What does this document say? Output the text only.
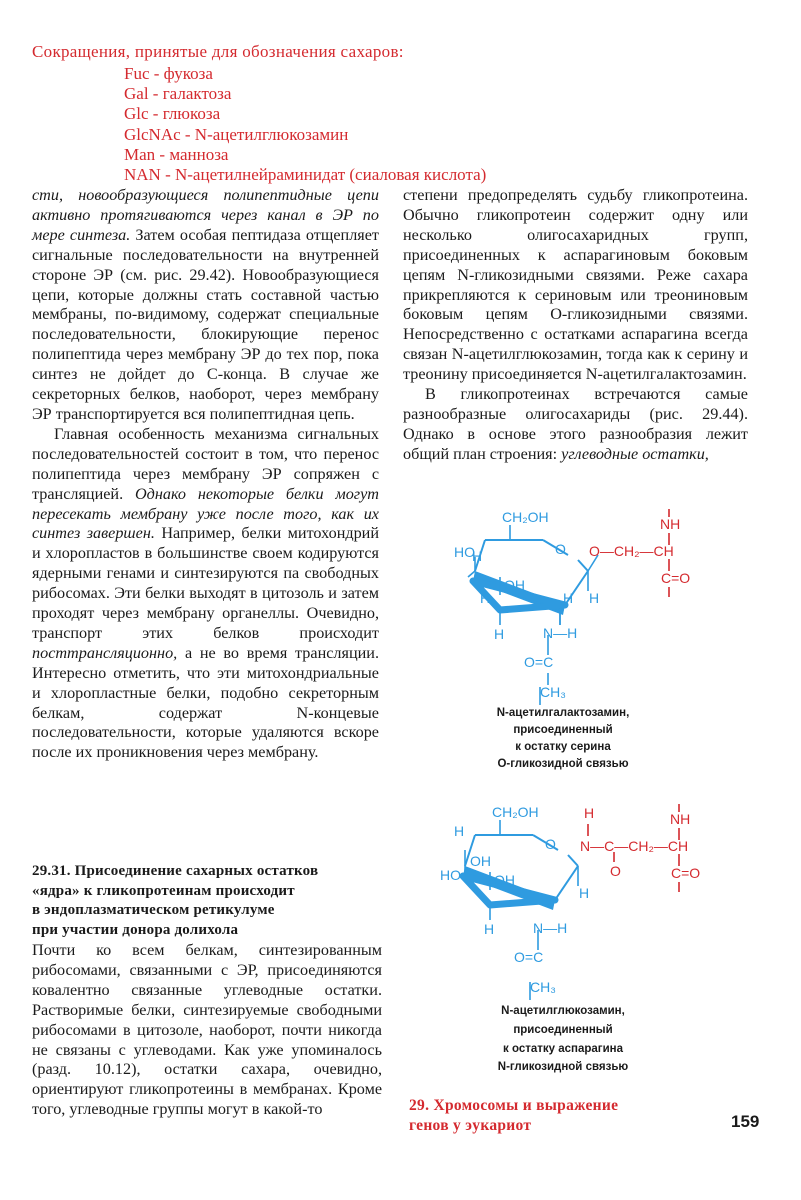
Сокращения, принятые для обозначения сахаров:
Fuc - фукоза
Gal - галактоза
Glc - глюкоза
GlcNAc - N-ацетилглюкозамин
Man - манноза
NAN - N-ацетилнейраминидат (сиаловая кислота)

сти, новообразующиеся полипептидные цепи активно протягиваются через канал в ЭР по мере синтеза. Затем особая пептидаза отщепляет сигнальные последовательности на внутренней стороне ЭР (см. рис. 29.42). Новообразующиеся цепи, которые должны стать составной частью мембраны, по-видимому, содержат специальные последовательности, блокирующие перенос полипептида через мембрану ЭР до тех пор, пока синтез не дойдет до С-конца. В случае же секреторных белков, наоборот, через мембрану ЭР транспортируется вся полипептидная цепь.

Главная особенность механизма сигнальных последовательностей состоит в том, что перенос полипептида через мембрану ЭР сопряжен с трансляцией. Однако некоторые белки могут пересекать мембрану уже после того, как их синтез завершен. Например, белки митохондрий и хлоропластов в большинстве своем кодируются ядерными генами и синтезируются па свободных рибосомах. Эти белки выходят в цитозоль и затем проходят через мембрану органеллы. Очевидно, транспорт этих белков происходит посттрансляционно, а не во время трансляции. Интересно отметить, что эти митохондриальные и хлоропластные белки, подобно секреторным белкам, содержат N-концевые последовательности, которые удаляются вскоре после их проникновения через мембрану.

29.31. Присоединение сахарных остатков
«ядра» к гликопротеинам происходит
в эндоплазматическом ретикулуме
при участии донора долихола
Почти ко всем белкам, синтезированным рибосомами, связанными с ЭР, присоединяются ковалентно связанные углеводные остатки. Растворимые белки, синтезируемые свободными рибосомами в цитозоле, наоборот, почти никогда не связаны с углеводами. Как уже упоминалось (разд. 10.12), остатки сахара, очевидно, ориентируют гликопротеины в мембранах. Кроме того, углеводные группы могут в какой-то

степени предопределять судьбу гликопротеина. Обычно гликопротеин содержит одну или несколько олигосахаридных групп, присоединенных к аспарагиновым боковым цепям N-гликозидными связями. Реже сахара прикрепляются к сериновым или треониновым боковым цепям О-гликозидными связями. Непосредственно с остатками аспарагина всегда связан N-ацетилглюкозамин, тогда как к серину и треонину присоединяется N-ацетилгалактозамин.

В гликопротеинах встречаются самые разнообразные олигосахариды (рис. 29.44). Однако в основе этого разнообразия лежит общий план строения: углеводные остатки,

CH₂OH
O
HO
H
OH
H
H
H	H
N—H
O=C
CH₃
O—CH₂—CH
NH
C=O
N-ацетилгалактозамин,
присоединенный
к остатку серина
О-гликозидной связью
CH₂OH
O
HO
H
OH
H
OH
H
N—H
O=C
CH₃
N—C—CH₂—CH
H
O
NH
C=O
N-ацетилглюкозамин,
присоединенный
к остатку аспарагина
N-гликозидной связью
29. Хромосомы и выражение
генов у эукариот	159
